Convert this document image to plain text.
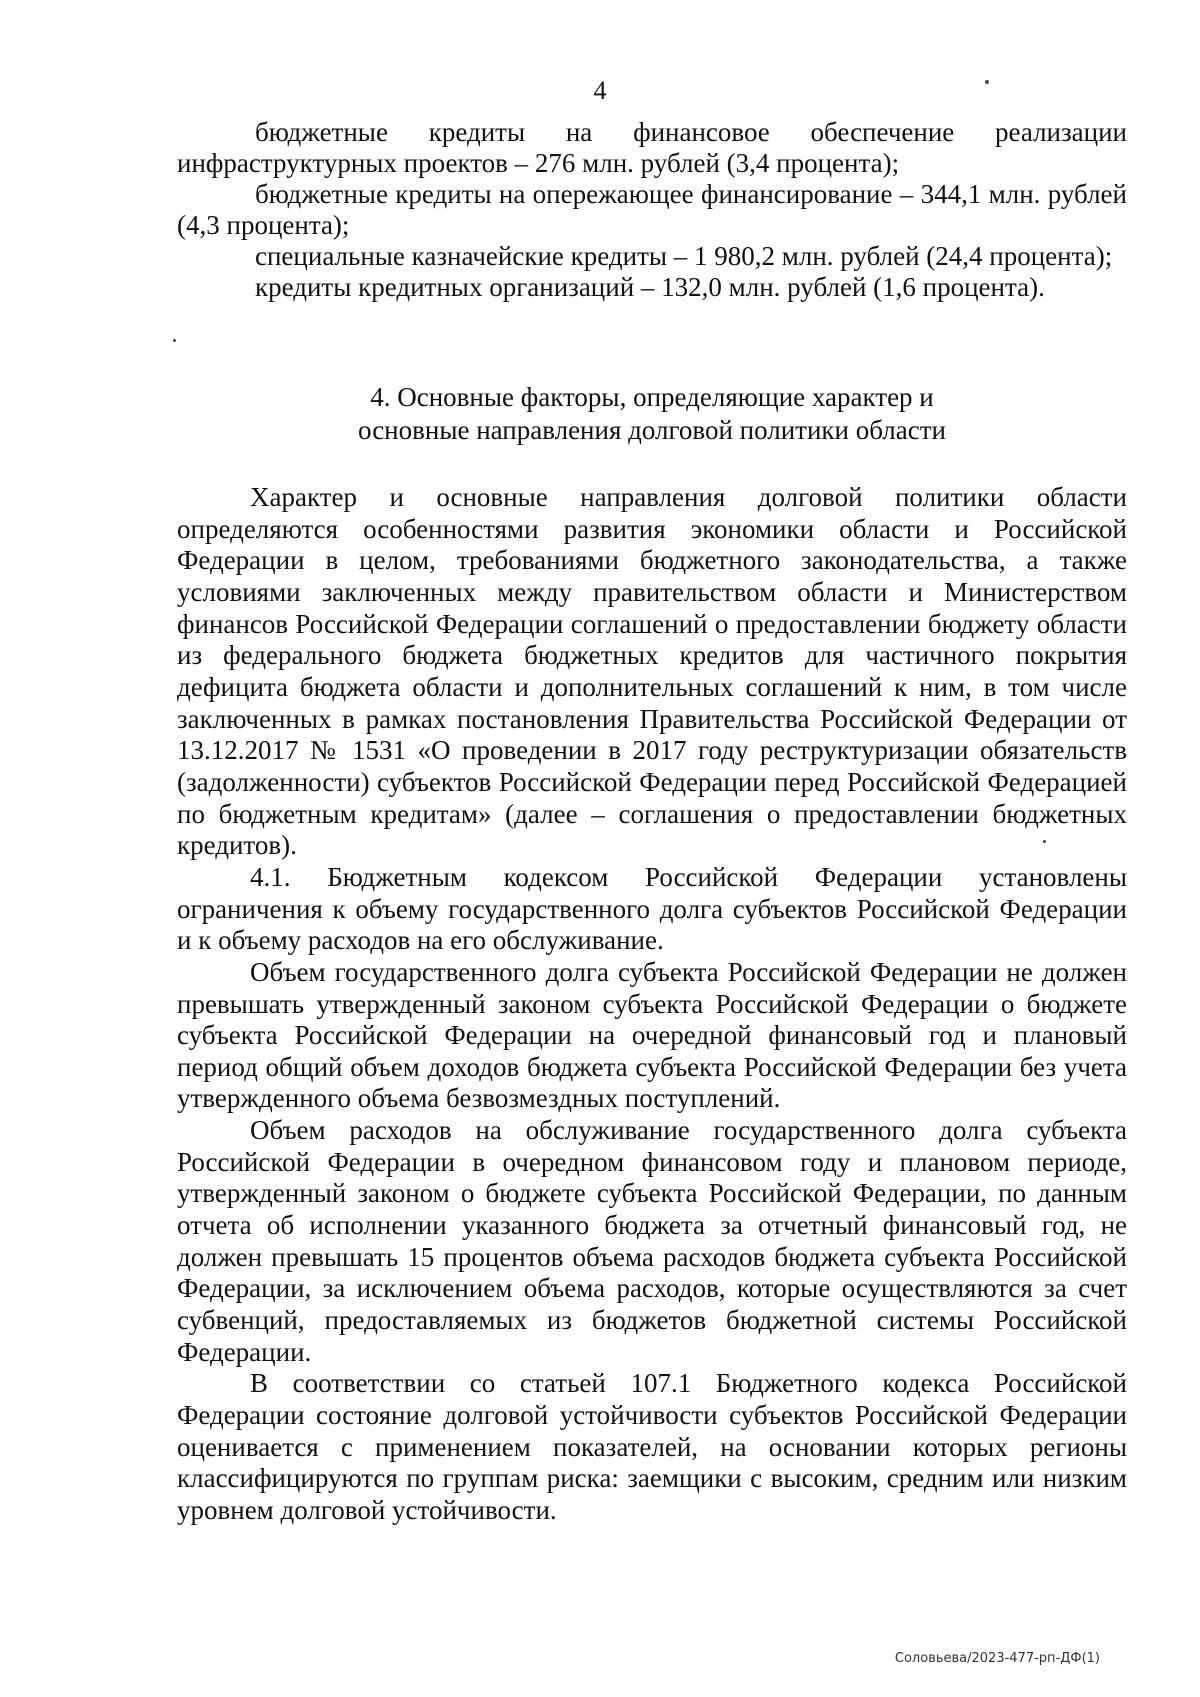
4

бюджетные кредиты на финансовое обеспечение реализации инфраструктурных проектов – 276 млн. рублей (3,4 процента);

бюджетные кредиты на опережающее финансирование – 344,1 млн. рублей (4,3 процента);

специальные казначейские кредиты – 1 980,2 млн. рублей (24,4 процента);

кредиты кредитных организаций – 132,0 млн. рублей (1,6 процента).

4. Основные факторы, определяющие характер и
основные направления долговой политики области

Характер и основные направления долговой политики области определяются особенностями развития экономики области и Российской Федерации в целом, требованиями бюджетного законодательства, а также условиями заключенных между правительством области и Министерством финансов Российской Федерации соглашений о предоставлении бюджету области из федерального бюджета бюджетных кредитов для частичного покрытия дефицита бюджета области и дополнительных соглашений к ним, в том числе заключенных в рамках постановления Правительства Российской Федерации от 13.12.2017 № 1531 «О проведении в 2017 году реструктуризации обязательств (задолженности) субъектов Российской Федерации перед Российской Федерацией по бюджетным кредитам» (далее – соглашения о предоставлении бюджетных кредитов).

4.1. Бюджетным кодексом Российской Федерации установлены ограничения к объему государственного долга субъектов Российской Федерации и к объему расходов на его обслуживание.

Объем государственного долга субъекта Российской Федерации не должен превышать утвержденный законом субъекта Российской Федерации о бюджете субъекта Российской Федерации на очередной финансовый год и плановый период общий объем доходов бюджета субъекта Российской Федерации без учета утвержденного объема безвозмездных поступлений.

Объем расходов на обслуживание государственного долга субъекта Российской Федерации в очередном финансовом году и плановом периоде, утвержденный законом о бюджете субъекта Российской Федерации, по данным отчета об исполнении указанного бюджета за отчетный финансовый год, не должен превышать 15 процентов объема расходов бюджета субъекта Российской Федерации, за исключением объема расходов, которые осуществляются за счет субвенций, предоставляемых из бюджетов бюджетной системы Российской Федерации.

В соответствии со статьей 107.1 Бюджетного кодекса Российской Федерации состояние долговой устойчивости субъектов Российской Федерации оценивается с применением показателей, на основании которых регионы классифицируются по группам риска: заемщики с высоким, средним или низким уровнем долговой устойчивости.

Соловьева/2023-477-рп-ДФ(1)
